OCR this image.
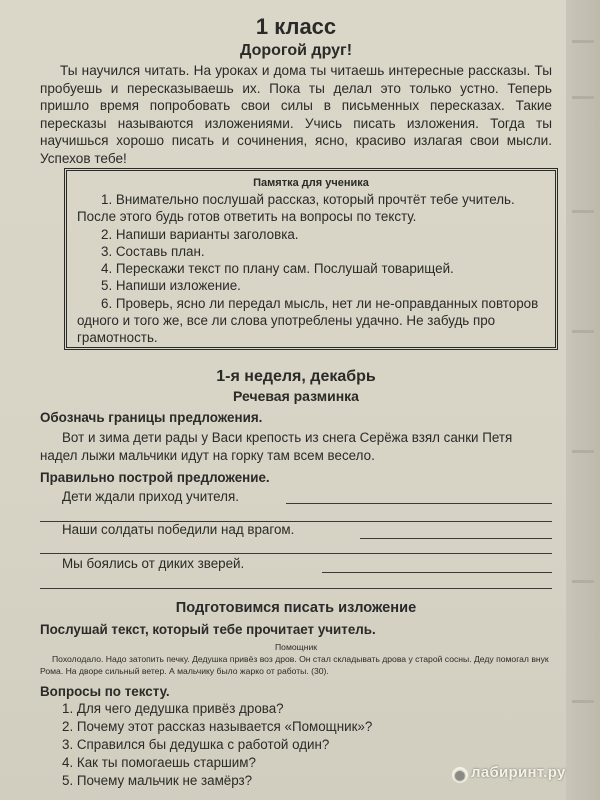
1 класс
Дорогой друг!

Ты научился читать. На уроках и дома ты читаешь интересные рассказы. Ты пробуешь и пересказываешь их. Пока ты делал это только устно. Теперь пришло время попробовать свои силы в письменных пересказах. Такие пересказы называются изложениями. Учись писать изложения. Тогда ты научишься хорошо писать и сочинения, ясно, красиво излагая свои мысли. Успехов тебе!

Памятка для ученика
1. Внимательно послушай рассказ, который прочтёт тебе учитель. После этого будь готов ответить на вопросы по тексту.
2. Напиши варианты заголовка.
3. Составь план.
4. Перескажи текст по плану сам. Послушай товарищей.
5. Напиши изложение.
6. Проверь, ясно ли передал мысль, нет ли не-оправданных повторов одного и того же, все ли слова употреблены удачно. Не забудь про грамотность.
1-я неделя, декабрь
Речевая разминка
Обозначь границы предложения.
Вот и зима дети рады у Васи крепость из снега Серёжа взял санки Петя надел лыжи мальчики идут на горку там всем весело.
Правильно построй предложение.
Дети ждали приход учителя.
Наши солдаты победили над врагом.
Мы боялись от диких зверей.
Подготовимся писать изложение
Послушай текст, который тебе прочитает учитель.
Помощник
Похолодало. Надо затопить печку. Дедушка привёз воз дров. Он стал складывать дрова у старой сосны. Деду помогал внук Рома. На дворе сильный ветер. А мальчику было жарко от работы. (30).
Вопросы по тексту.
1. Для чего дедушка привёз дрова?
2. Почему этот рассказ называется «Помощник»?
3. Справился бы дедушка с работой один?
4. Как ты помогаешь старшим?
5. Почему мальчик не замёрз?	◉ лабиринт.ру
